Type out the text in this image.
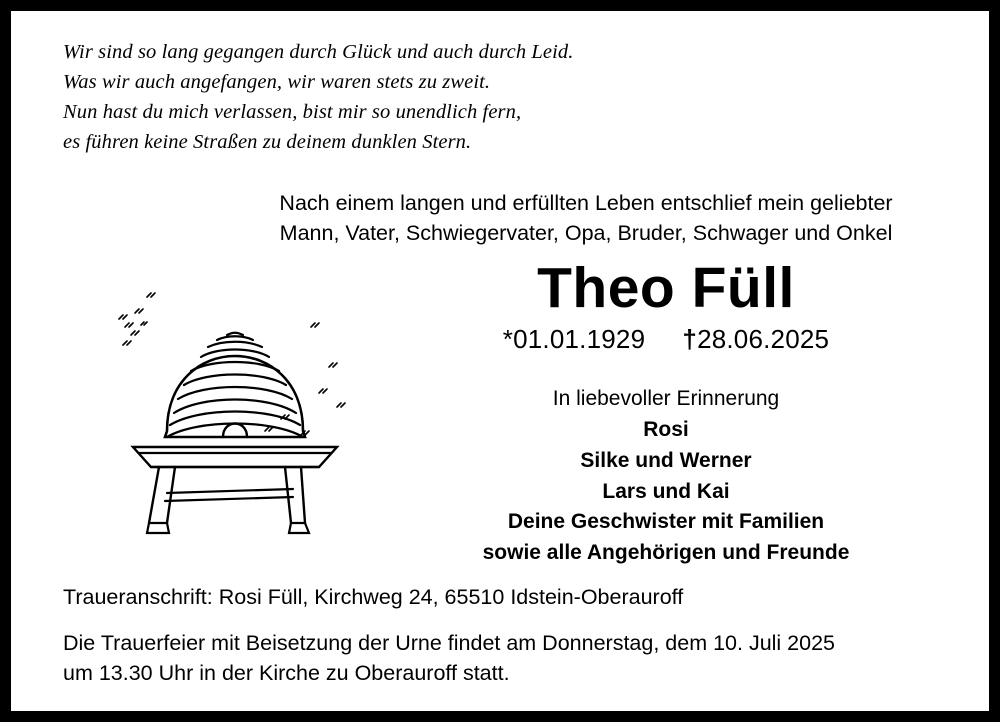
Wir sind so lang gegangen durch Glück und auch durch Leid.
Was wir auch angefangen, wir waren stets zu zweit.
Nun hast du mich verlassen, bist mir so unendlich fern,
es führen keine Straßen zu deinem dunklen Stern.
Nach einem langen und erfüllten Leben entschlief mein geliebter
Mann, Vater, Schwiegervater, Opa, Bruder, Schwager und Onkel
Theo Füll
*01.01.1929 †28.06.2025
In liebevoller Erinnerung
Rosi
Silke und Werner
Lars und Kai
Deine Geschwister mit Familien
sowie alle Angehörigen und Freunde
Traueranschrift: Rosi Füll, Kirchweg 24, 65510 Idstein-Oberauroff
Die Trauerfeier mit Beisetzung der Urne findet am Donnerstag, dem 10. Juli 2025
um 13.30 Uhr in der Kirche zu Oberauroff statt.
